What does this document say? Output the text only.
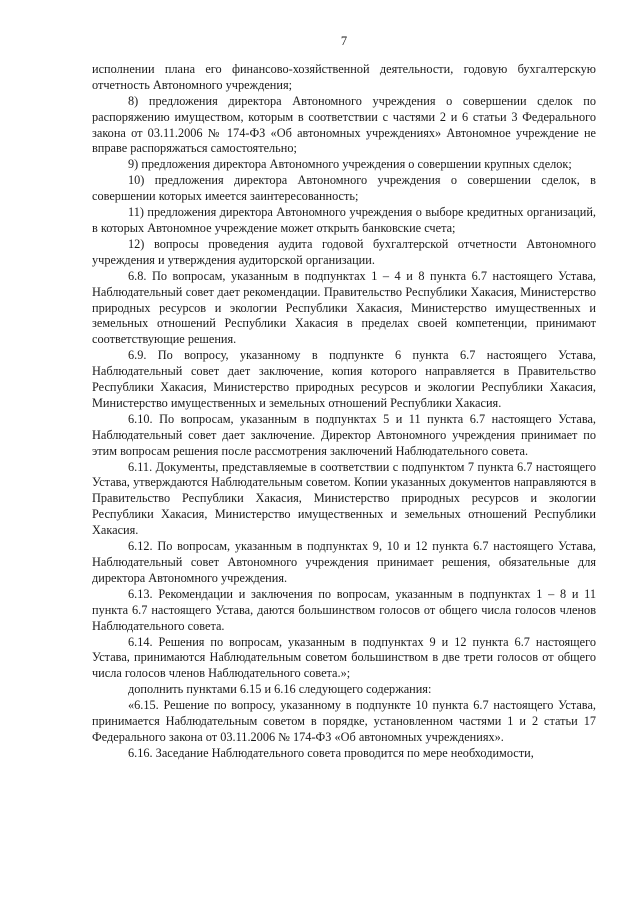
7

исполнении плана его финансово-хозяйственной деятельности, годовую бухгалтерскую отчетность Автономного учреждения;

8) предложения директора Автономного учреждения о совершении сделок по распоряжению имуществом, которым в соответствии с частями 2 и 6 статьи 3 Федерального закона от 03.11.2006 № 174-ФЗ «Об автономных учреждениях» Автономное учреждение не вправе распоряжаться самостоятельно;

9) предложения директора Автономного учреждения о совершении крупных сделок;

10) предложения директора Автономного учреждения о совершении сделок, в совершении которых имеется заинтересованность;

11) предложения директора Автономного учреждения о выборе кредитных организаций, в которых Автономное учреждение может открыть банковские счета;

12) вопросы проведения аудита годовой бухгалтерской отчетности Автономного учреждения и утверждения аудиторской организации.

6.8. По вопросам, указанным в подпунктах 1 – 4 и 8 пункта 6.7 настоящего Устава, Наблюдательный совет дает рекомендации. Правительство Республики Хакасия, Министерство природных ресурсов и экологии Республики Хакасия, Министерство имущественных и земельных отношений Республики Хакасия в пределах своей компетенции, принимают соответствующие решения.

6.9. По вопросу, указанному в подпункте 6 пункта 6.7 настоящего Устава, Наблюдательный совет дает заключение, копия которого направляется в Правительство Республики Хакасия, Министерство природных ресурсов и экологии Республики Хакасия, Министерство имущественных и земельных отношений Республики Хакасия.

6.10. По вопросам, указанным в подпунктах 5 и 11 пункта 6.7 настоящего Устава, Наблюдательный совет дает заключение. Директор Автономного учреждения принимает по этим вопросам решения после рассмотрения заключений Наблюдательного совета.

6.11. Документы, представляемые в соответствии с подпунктом 7 пункта 6.7 настоящего Устава, утверждаются Наблюдательным советом. Копии указанных документов направляются в Правительство Республики Хакасия, Министерство природных ресурсов и экологии Республики Хакасия, Министерство имущественных и земельных отношений Республики Хакасия.

6.12. По вопросам, указанным в подпунктах 9, 10 и 12 пункта 6.7 настоящего Устава, Наблюдательный совет Автономного учреждения принимает решения, обязательные для директора Автономного учреждения.

6.13. Рекомендации и заключения по вопросам, указанным в подпунктах 1 – 8 и 11 пункта 6.7 настоящего Устава, даются большинством голосов от общего числа голосов членов Наблюдательного совета.

6.14. Решения по вопросам, указанным в подпунктах 9 и 12 пункта 6.7 настоящего Устава, принимаются Наблюдательным советом большинством в две трети голосов от общего числа голосов членов Наблюдательного совета.»;

дополнить пунктами 6.15 и 6.16 следующего содержания:

«6.15. Решение по вопросу, указанному в подпункте 10 пункта 6.7 настоящего Устава, принимается Наблюдательным советом в порядке, установленном частями 1 и 2 статьи 17 Федерального закона от 03.11.2006 № 174-ФЗ «Об автономных учреждениях».

6.16. Заседание Наблюдательного совета проводится по мере необходимости,
